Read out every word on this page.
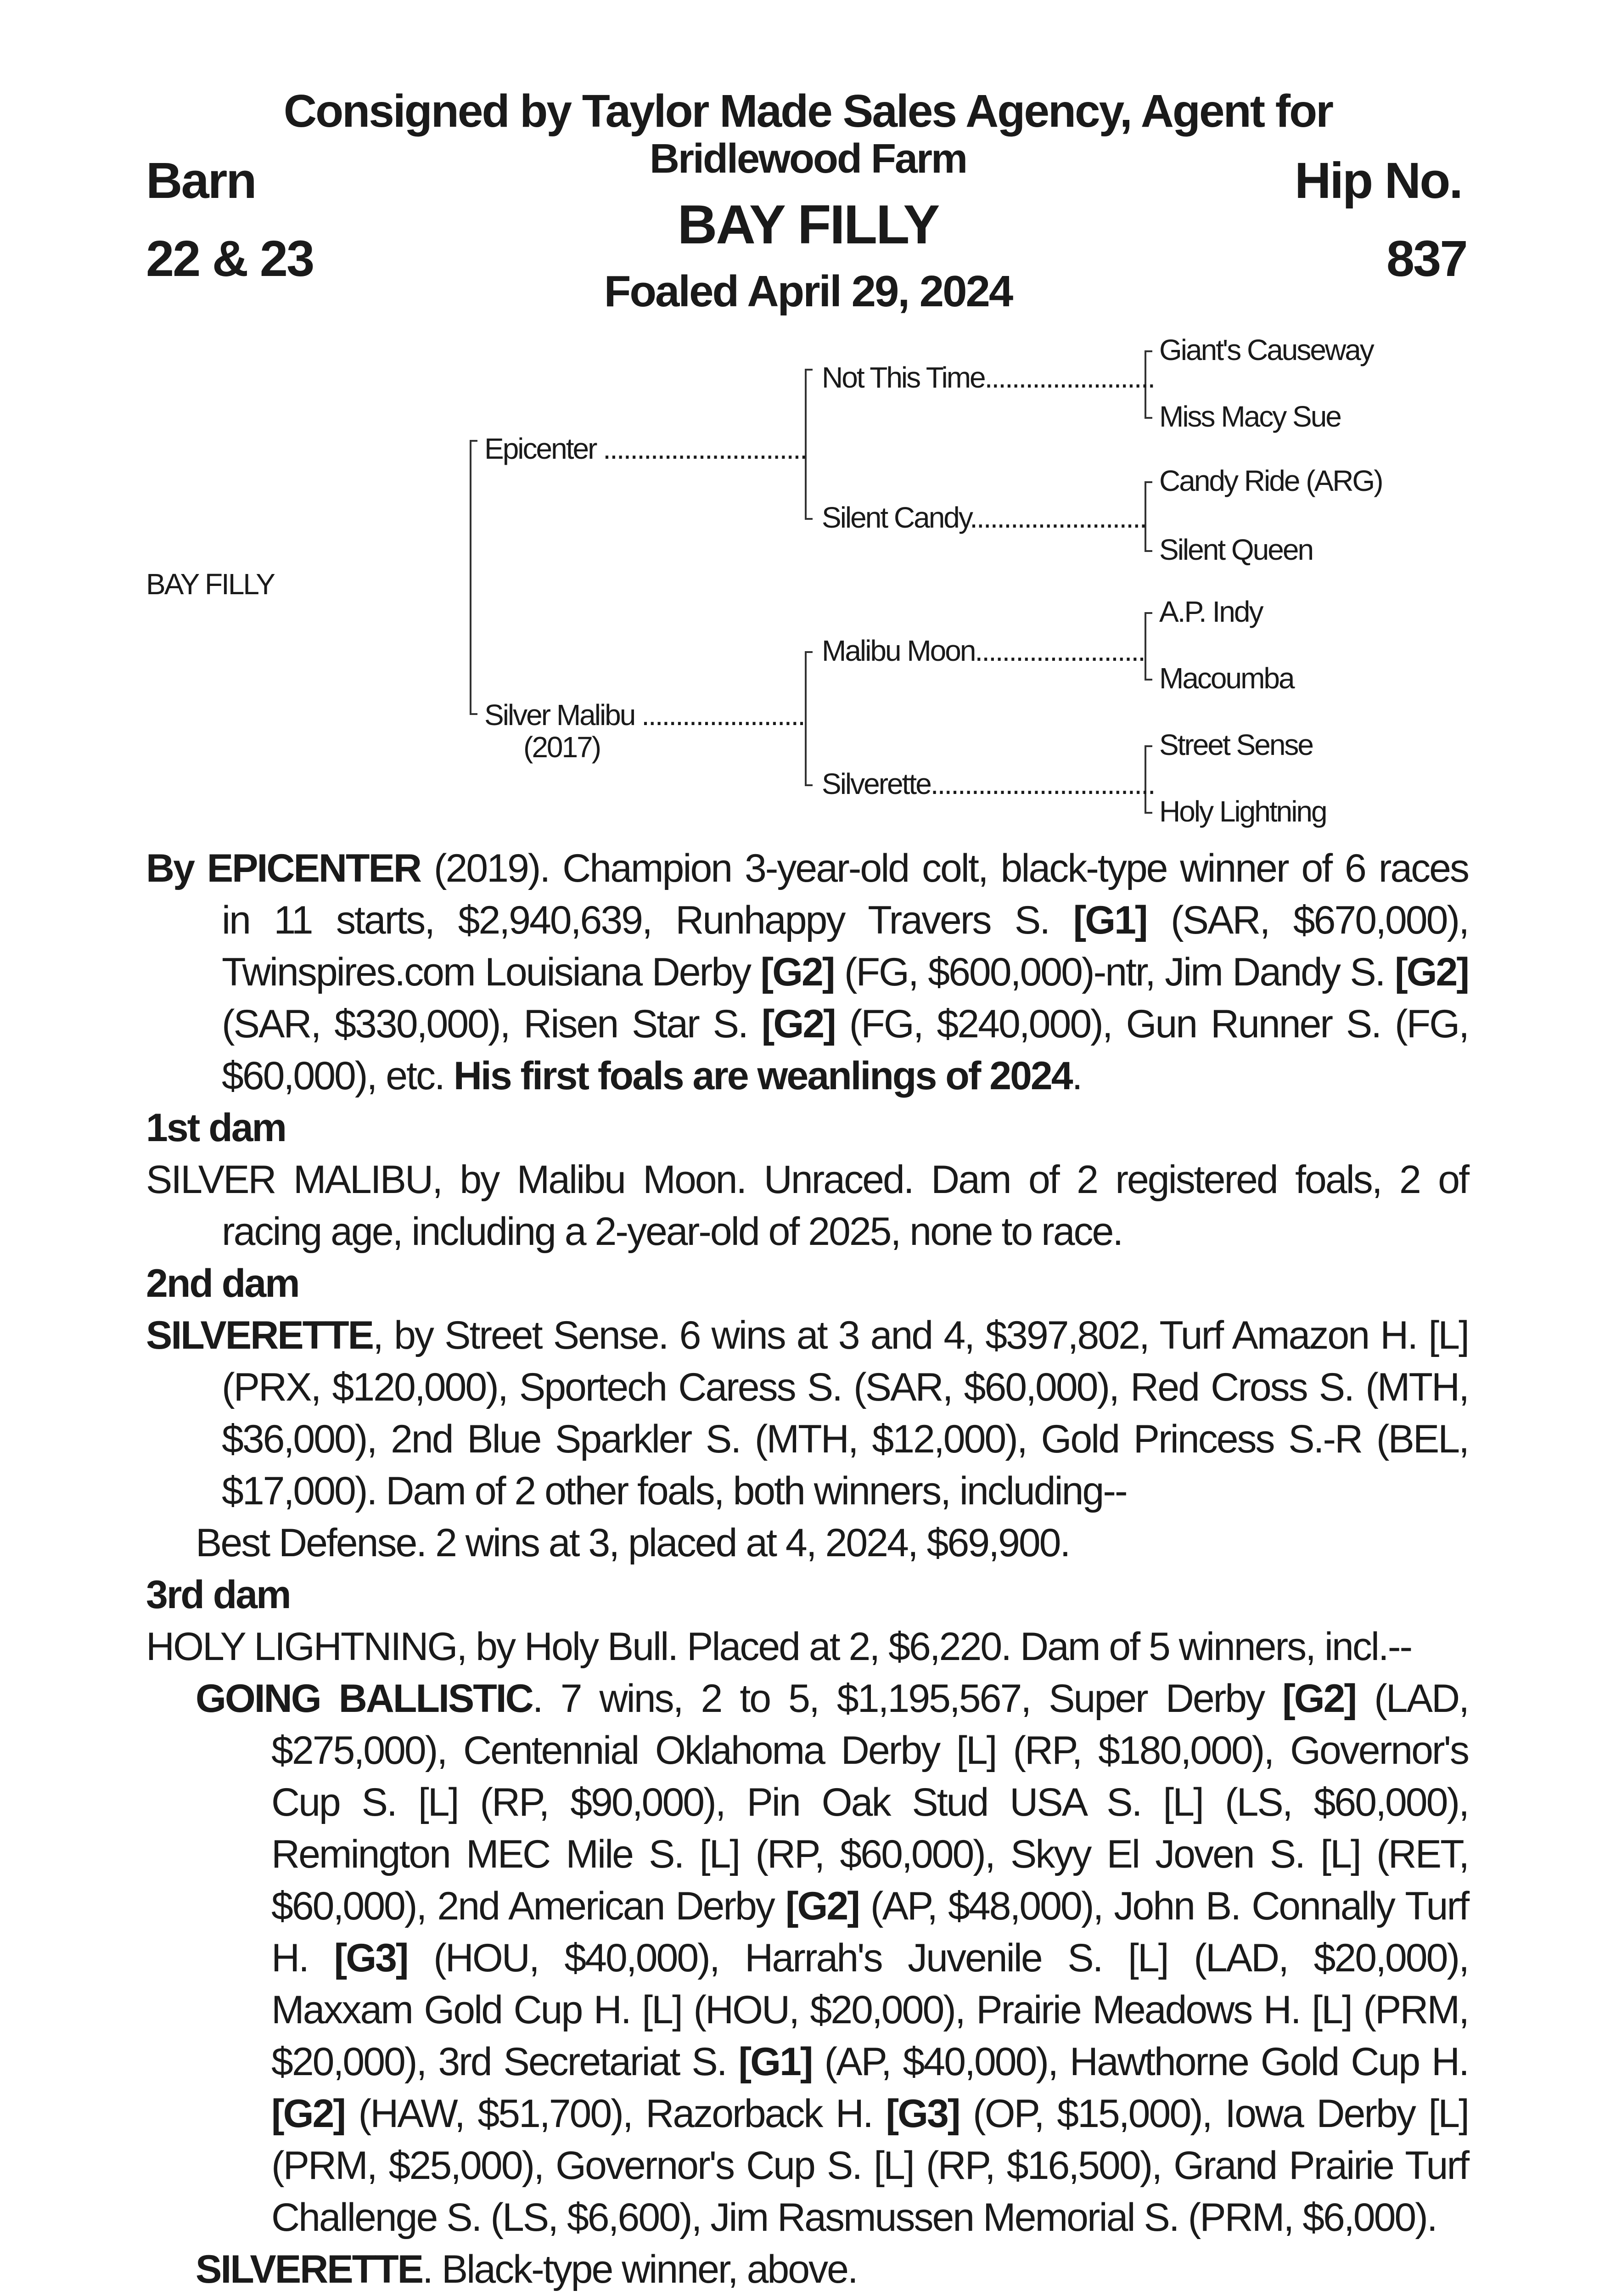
Consigned by Taylor Made Sales Agency, Agent for
Bridlewood Farm
Barn
22 & 23
Hip No.
837
BAY FILLY
Foaled April 29, 2024
BAY FILLY
Epicenter ..............................
Silver Malibu ........................
(2017)
Not This Time.........................
Silent Candy..........................
Malibu Moon.........................
Silverette.................................
Giant's Causeway
Miss Macy Sue
Candy Ride (ARG)
Silent Queen
A.P. Indy
Macoumba
Street Sense
Holy Lightning

By EPICENTER (2019). Champion 3-year-old colt, black-type winner of 6 races in 11 starts, $2,940,639, Runhappy Travers S. [G1] (SAR, $670,000), Twinspires.com Louisiana Derby [G2] (FG, $600,000)-ntr, Jim Dandy S. [G2] (SAR, $330,000), Risen Star S. [G2] (FG, $240,000), Gun Runner S. (FG, $60,000), etc. His first foals are weanlings of 2024.

1st dam

SILVER MALIBU, by Malibu Moon. Unraced. Dam of 2 registered foals, 2 of racing age, including a 2-year-old of 2025, none to race.

2nd dam

SILVERETTE, by Street Sense. 6 wins at 3 and 4, $397,802, Turf Amazon H. [L] (PRX, $120,000), Sportech Caress S. (SAR, $60,000), Red Cross S. (MTH, $36,000), 2nd Blue Sparkler S. (MTH, $12,000), Gold Princess S.-R (BEL, $17,000). Dam of 2 other foals, both winners, including--

Best Defense. 2 wins at 3, placed at 4, 2024, $69,900.

3rd dam

HOLY LIGHTNING, by Holy Bull. Placed at 2, $6,220. Dam of 5 winners, incl.--

GOING BALLISTIC. 7 wins, 2 to 5, $1,195,567, Super Derby [G2] (LAD, $275,000), Centennial Oklahoma Derby [L] (RP, $180,000), Governor's Cup S. [L] (RP, $90,000), Pin Oak Stud USA S. [L] (LS, $60,000), Remington MEC Mile S. [L] (RP, $60,000), Skyy El Joven S. [L] (RET, $60,000), 2nd American Derby [G2] (AP, $48,000), John B. Connally Turf H. [G3] (HOU, $40,000), Harrah's Juvenile S. [L] (LAD, $20,000), Maxxam Gold Cup H. [L] (HOU, $20,000), Prairie Meadows H. [L] (PRM, $20,000), 3rd Secretariat S. [G1] (AP, $40,000), Hawthorne Gold Cup H. [G2] (HAW, $51,700), Razorback H. [G3] (OP, $15,000), Iowa Derby [L] (PRM, $25,000), Governor's Cup S. [L] (RP, $16,500), Grand Prairie Turf Challenge S. (LS, $6,600), Jim Rasmussen Memorial S. (PRM, $6,000).

SILVERETTE. Black-type winner, above.
